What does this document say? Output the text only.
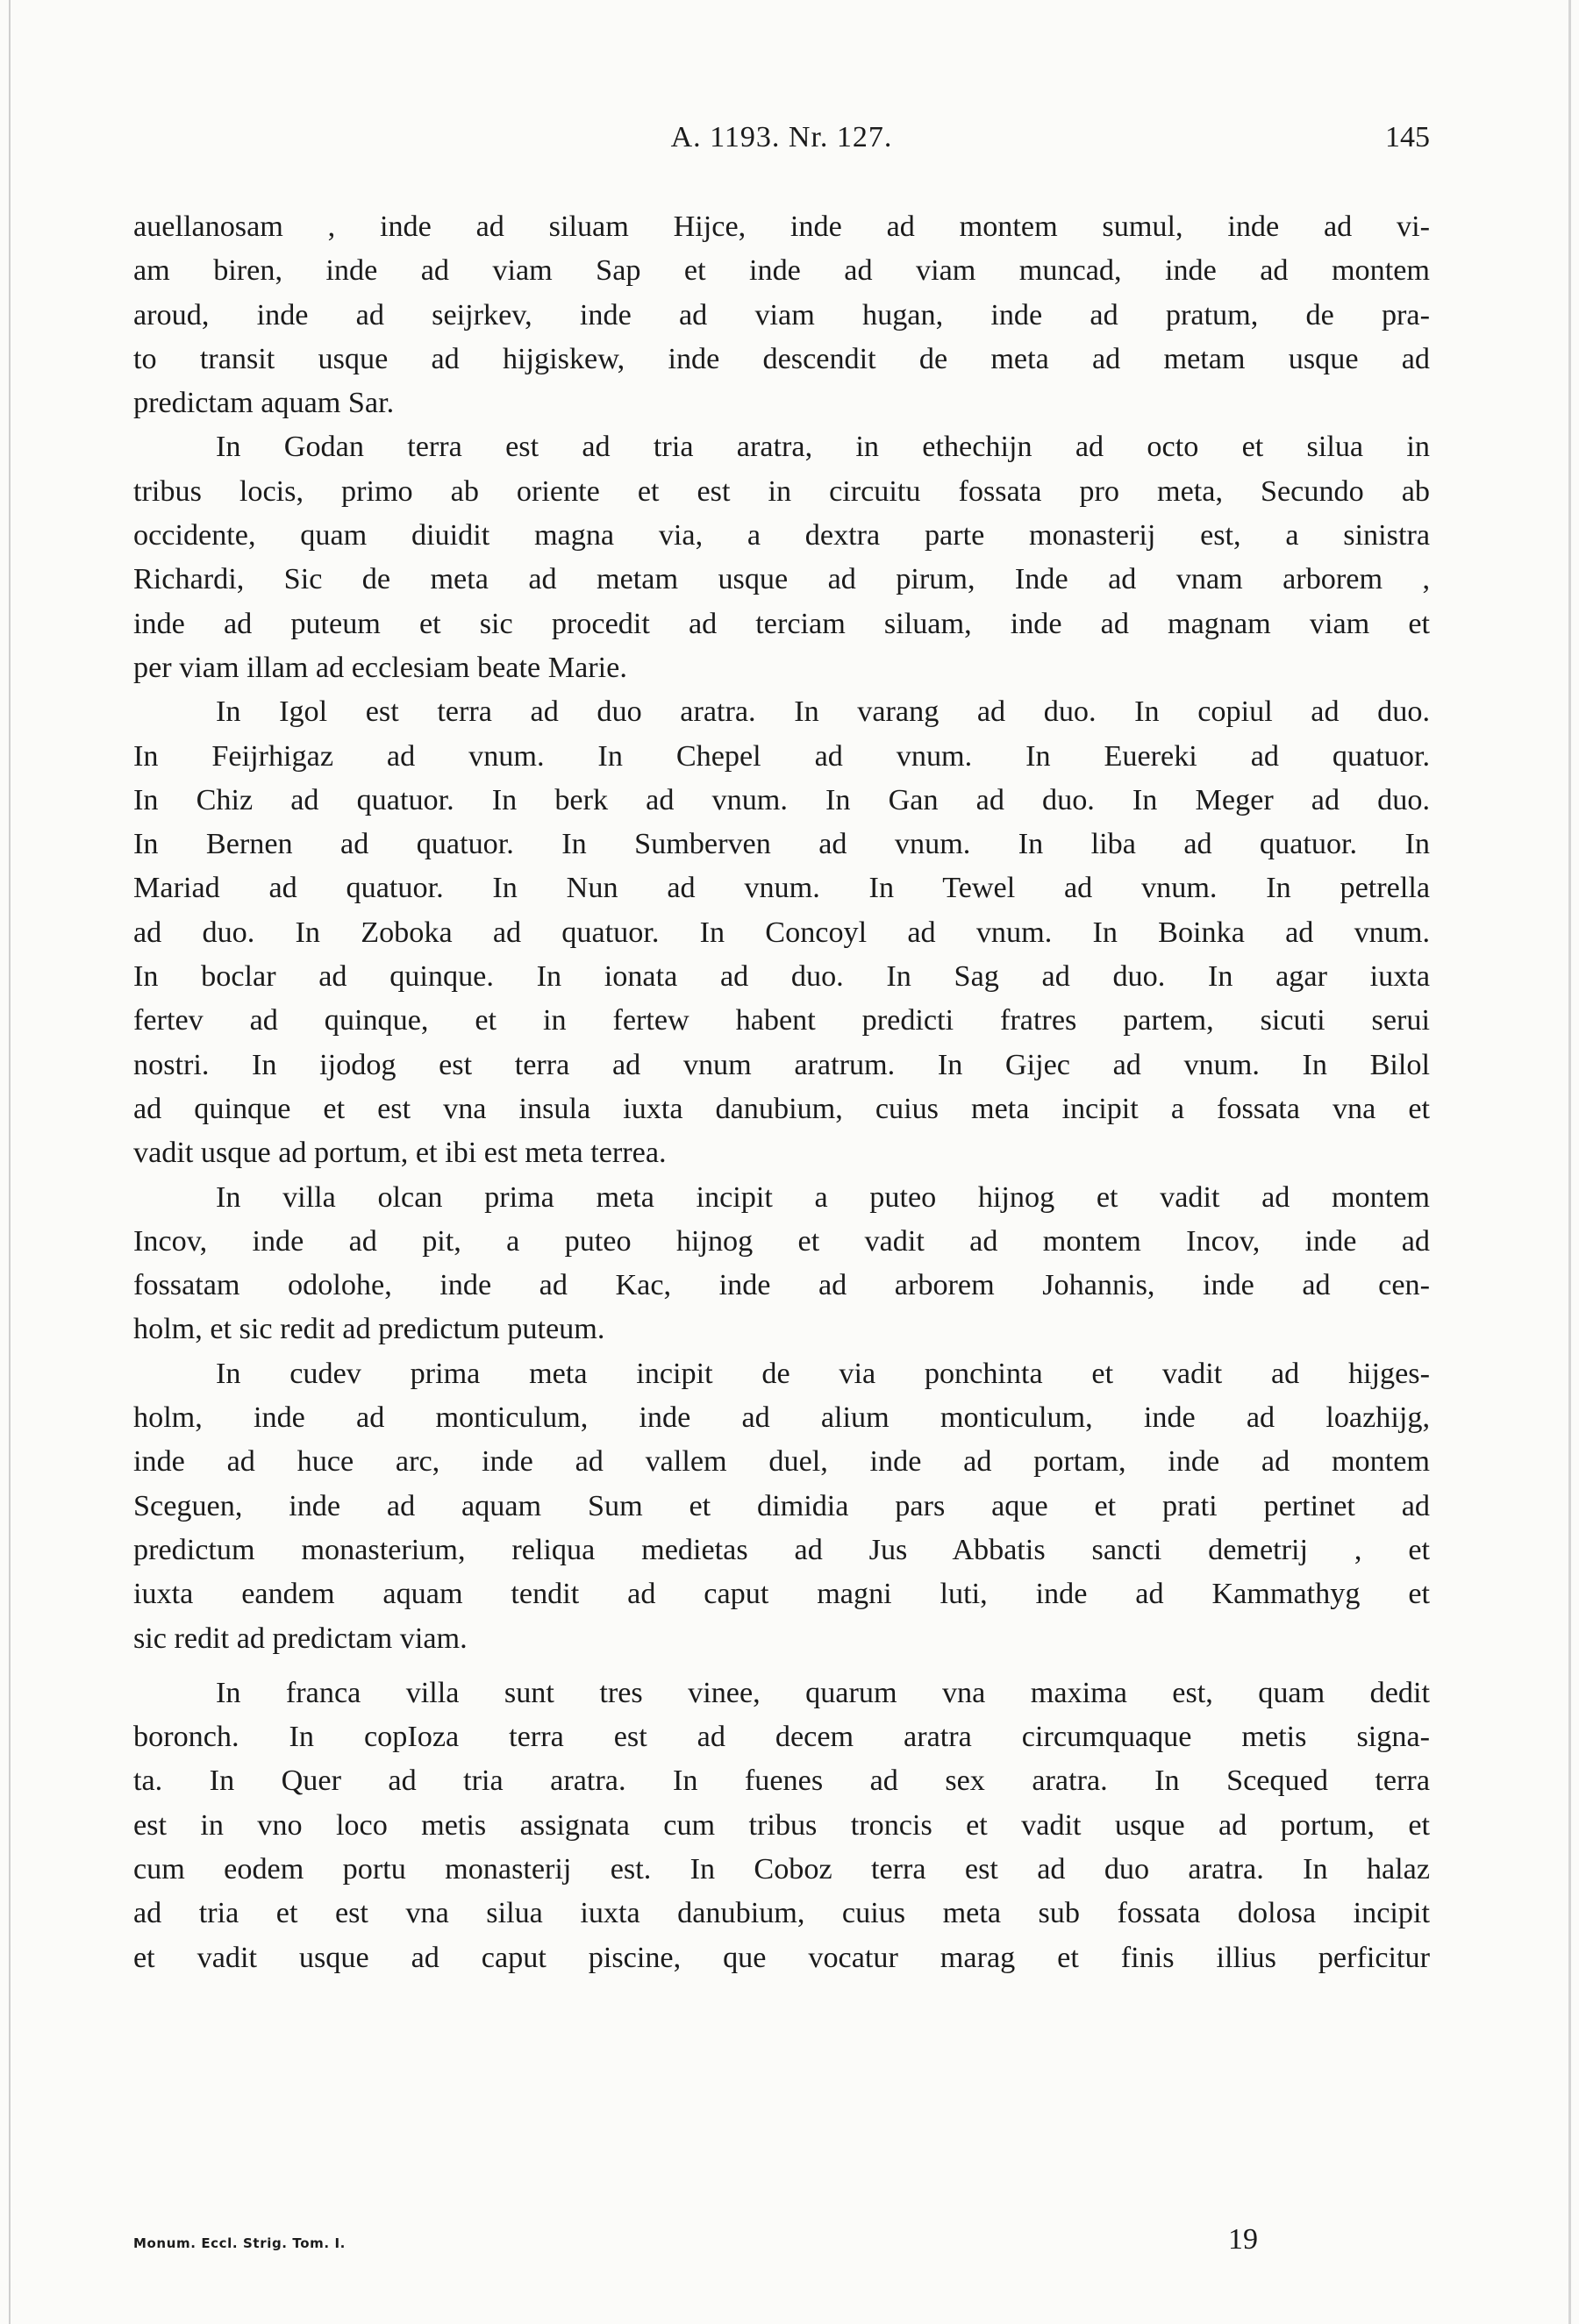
A. 1193. Nr. 127.	145
auellanosam , inde ad siluam Hijce, inde ad montem sumul, inde ad vi-
am biren, inde ad viam Sap et inde ad viam muncad, inde ad montem
aroud, inde ad seijrkev, inde ad viam hugan, inde ad pratum, de pra-
to transit usque ad hijgiskew, inde descendit de meta ad metam usque ad
predictam aquam Sar.
In Godan terra est ad tria aratra, in ethechijn ad octo et silua in
tribus locis, primo ab oriente et est in circuitu fossata pro meta, Secundo ab
occidente, quam diuidit magna via, a dextra parte monasterij est, a sinistra
Richardi, Sic de meta ad metam usque ad pirum, Inde ad vnam arborem ,
inde ad puteum et sic procedit ad terciam siluam, inde ad magnam viam et
per viam illam ad ecclesiam beate Marie.
In Igol est terra ad duo aratra. In varang ad duo. In copiul ad duo.
In Feijrhigaz ad vnum. In Chepel ad vnum. In Euereki ad quatuor.
In Chiz ad quatuor. In berk ad vnum. In Gan ad duo. In Meger ad duo.
In Bernen ad quatuor. In Sumberven ad vnum. In liba ad quatuor. In
Mariad ad quatuor. In Nun ad vnum. In Tewel ad vnum. In petrella
ad duo. In Zoboka ad quatuor. In Concoyl ad vnum. In Boinka ad vnum.
In boclar ad quinque. In ionata ad duo. In Sag ad duo. In agar iuxta
fertev ad quinque, et in fertew habent predicti fratres partem, sicuti serui
nostri. In ijodog est terra ad vnum aratrum. In Gijec ad vnum. In Bilol
ad quinque et est vna insula iuxta danubium, cuius meta incipit a fossata vna et
vadit usque ad portum, et ibi est meta terrea.
In villa olcan prima meta incipit a puteo hijnog et vadit ad montem
Incov, inde ad pit, a puteo hijnog et vadit ad montem Incov, inde ad
fossatam odolohe, inde ad Kac, inde ad arborem Johannis, inde ad cen-
holm, et sic redit ad predictum puteum.
In cudev prima meta incipit de via ponchinta et vadit ad hijges-
holm, inde ad monticulum, inde ad alium monticulum, inde ad loazhijg,
inde ad huce arc, inde ad vallem duel, inde ad portam, inde ad montem
Sceguen, inde ad aquam Sum et dimidia pars aque et prati pertinet ad
predictum monasterium, reliqua medietas ad Jus Abbatis sancti demetrij , et
iuxta eandem aquam tendit ad caput magni luti, inde ad Kammathyg et
sic redit ad predictam viam.
In franca villa sunt tres vinee, quarum vna maxima est, quam dedit
boronch. In copIoza terra est ad decem aratra circumquaque metis signa-
ta. In Quer ad tria aratra. In fuenes ad sex aratra. In Scequed terra
est in vno loco metis assignata cum tribus troncis et vadit usque ad portum, et
cum eodem portu monasterij est. In Coboz terra est ad duo aratra. In halaz
ad tria et est vna silua iuxta danubium, cuius meta sub fossata dolosa incipit
et vadit usque ad caput piscine, que vocatur marag et finis illius perficitur
Monum. Eccl. Strig. Tom. I.	19
